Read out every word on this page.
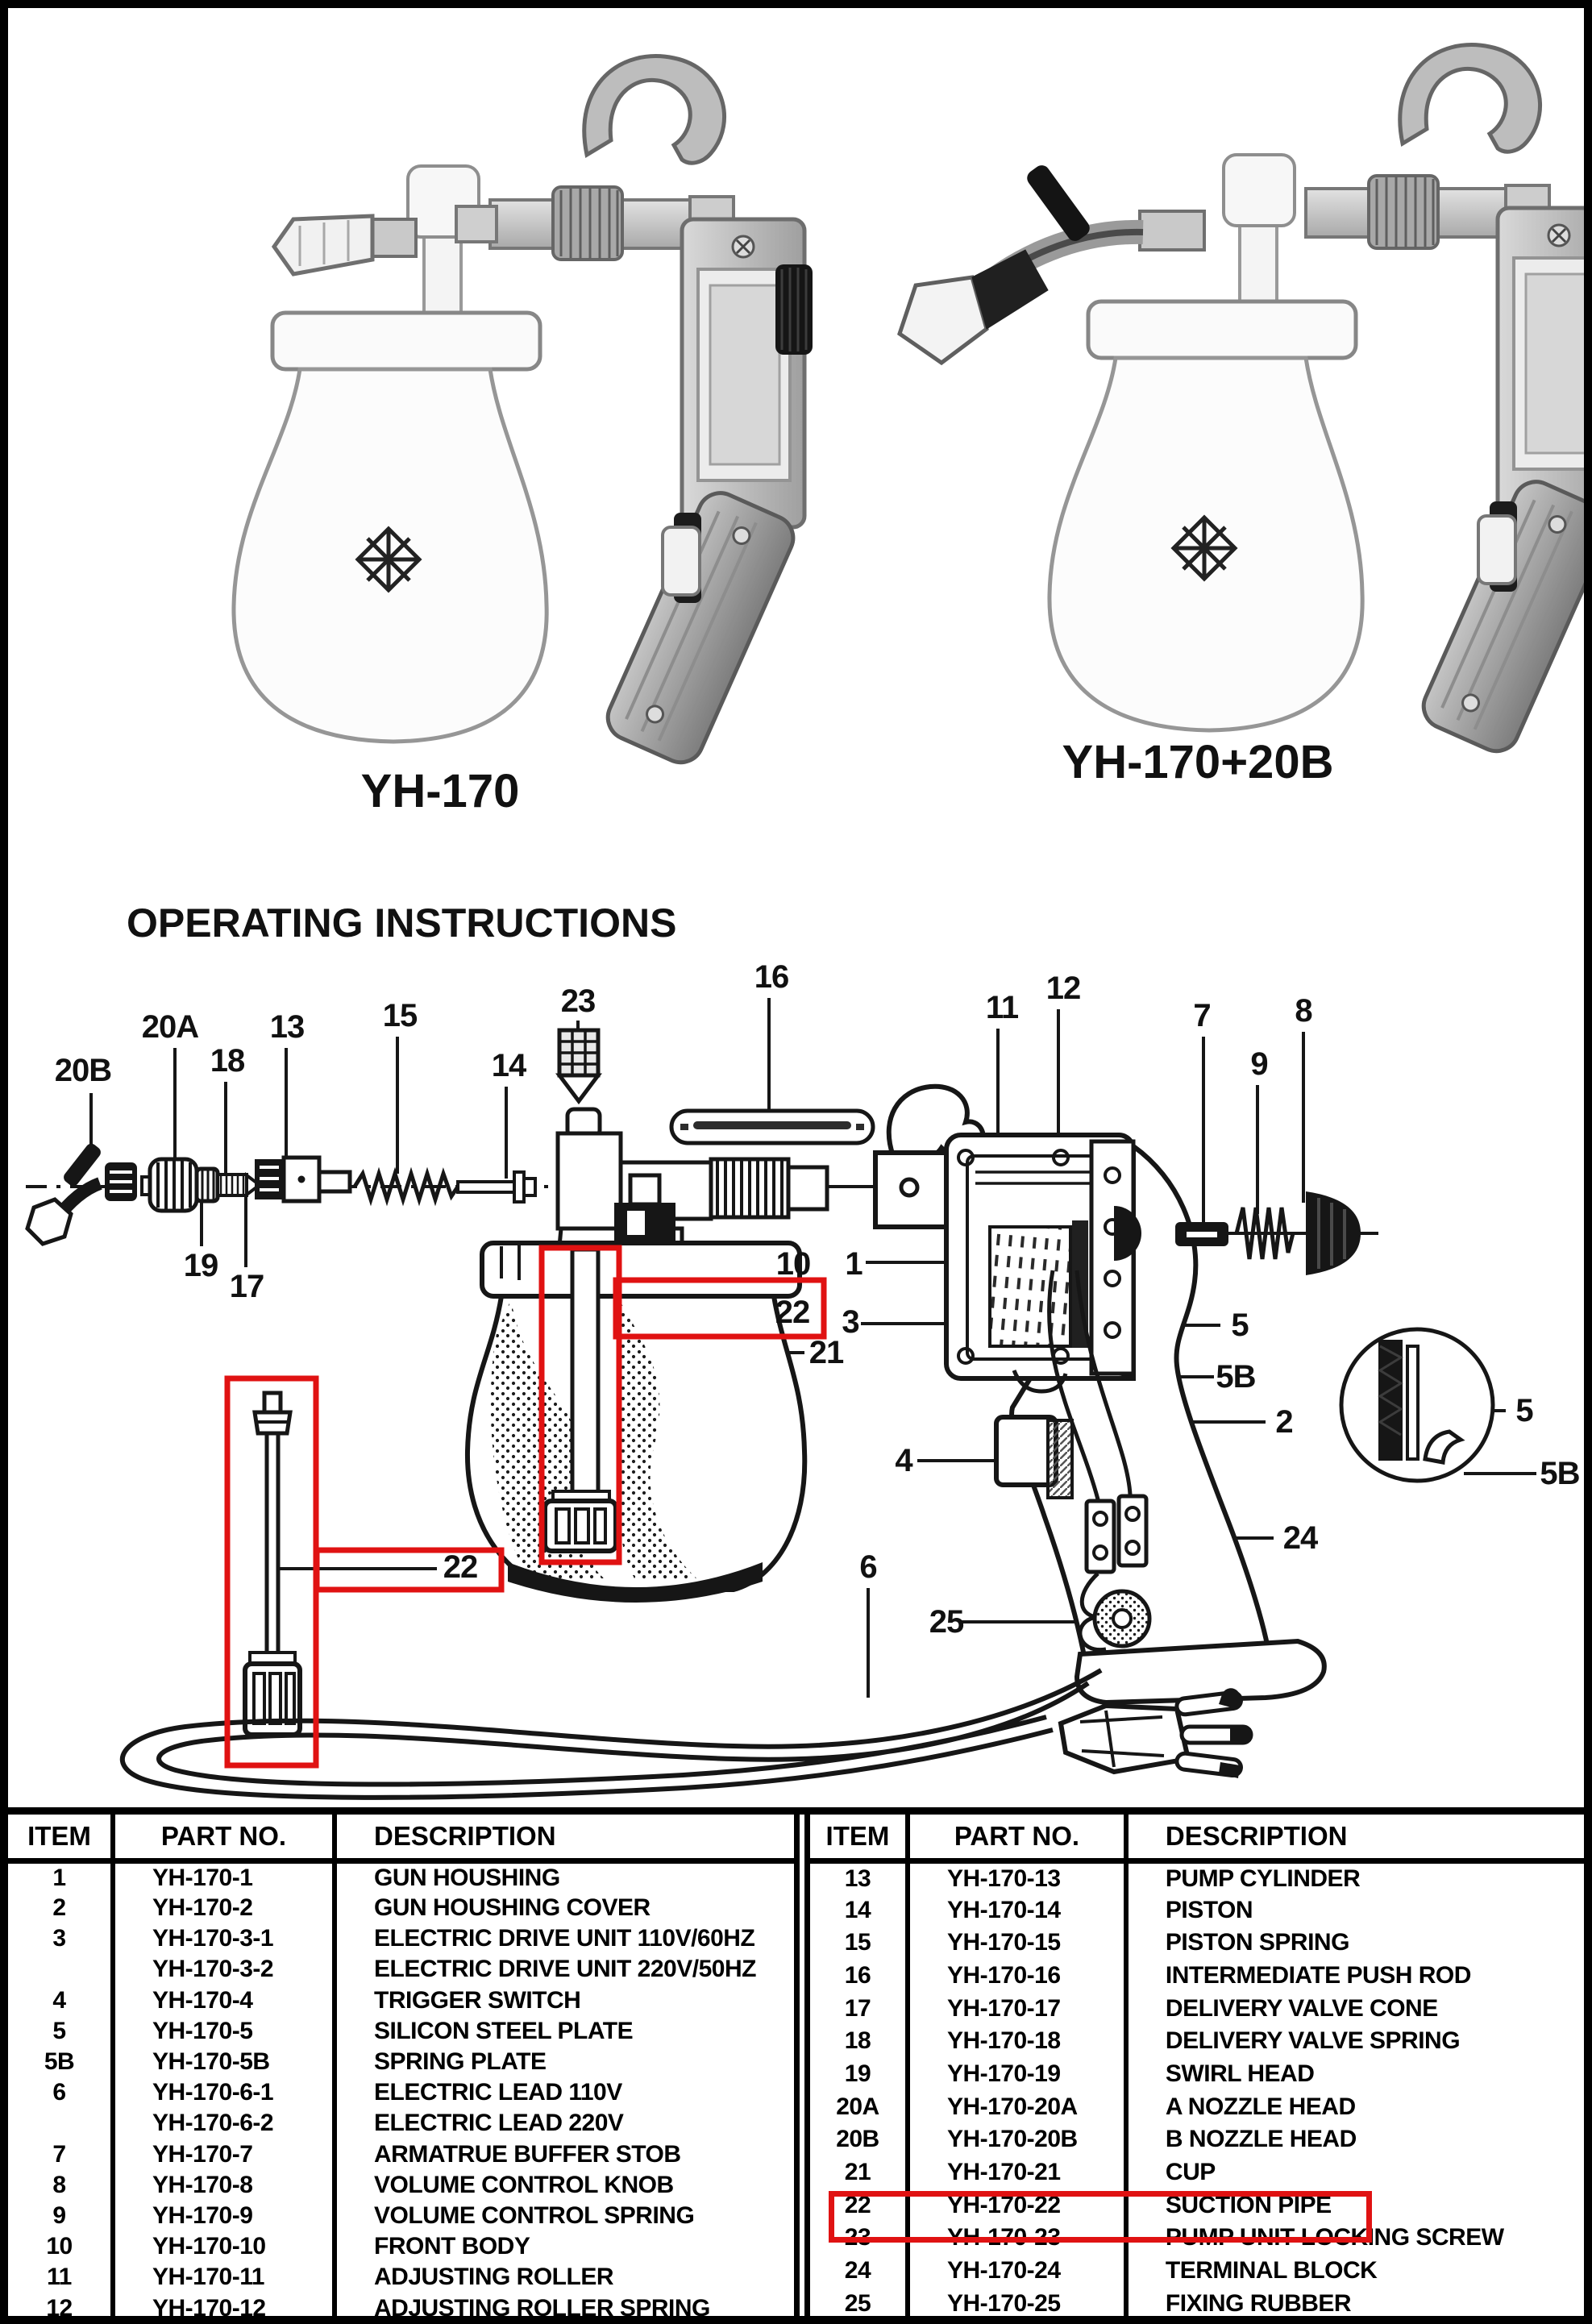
OPERATING INSTRUCTIONS
YH-170
YH-170+20B
20B
20A
18
13 15
14
23
16
19
17
11
12
7	8
9
10 1
3	5
5B
2
4
24
25
6
21
22
22
5
5B
ITEM	PART NO.	DESCRIPTION
1	YH-170-1	GUN HOUSHING
2	YH-170-2	GUN HOUSHING COVER
3	YH-170-3-1	ELECTRIC DRIVE UNIT 110V/60HZ
	YH-170-3-2	ELECTRIC DRIVE UNIT 220V/50HZ
4	YH-170-4	TRIGGER SWITCH
5	YH-170-5	SILICON STEEL PLATE
5B	YH-170-5B	SPRING PLATE
6	YH-170-6-1	ELECTRIC LEAD 110V
	YH-170-6-2	ELECTRIC LEAD 220V
7	YH-170-7	ARMATRUE BUFFER STOB
8	YH-170-8	VOLUME CONTROL KNOB
9	YH-170-9	VOLUME CONTROL SPRING
10	YH-170-10	FRONT BODY
11	YH-170-11	ADJUSTING ROLLER
12	YH-170-12	ADJUSTING ROLLER SPRING
ITEM	PART NO.	DESCRIPTION
13	YH-170-13	PUMP CYLINDER
14	YH-170-14	PISTON
15	YH-170-15	PISTON SPRING
16	YH-170-16	INTERMEDIATE PUSH ROD
17	YH-170-17	DELIVERY VALVE CONE
18	YH-170-18	DELIVERY VALVE SPRING
19	YH-170-19	SWIRL HEAD
20A	YH-170-20A	A NOZZLE HEAD
20B	YH-170-20B	B NOZZLE HEAD
21	YH-170-21	CUP
22	YH-170-22	SUCTION PIPE
23	YH-170-23	PUMP UNIT LOCKING SCREW
24	YH-170-24	TERMINAL BLOCK
25	YH-170-25	FIXING RUBBER
